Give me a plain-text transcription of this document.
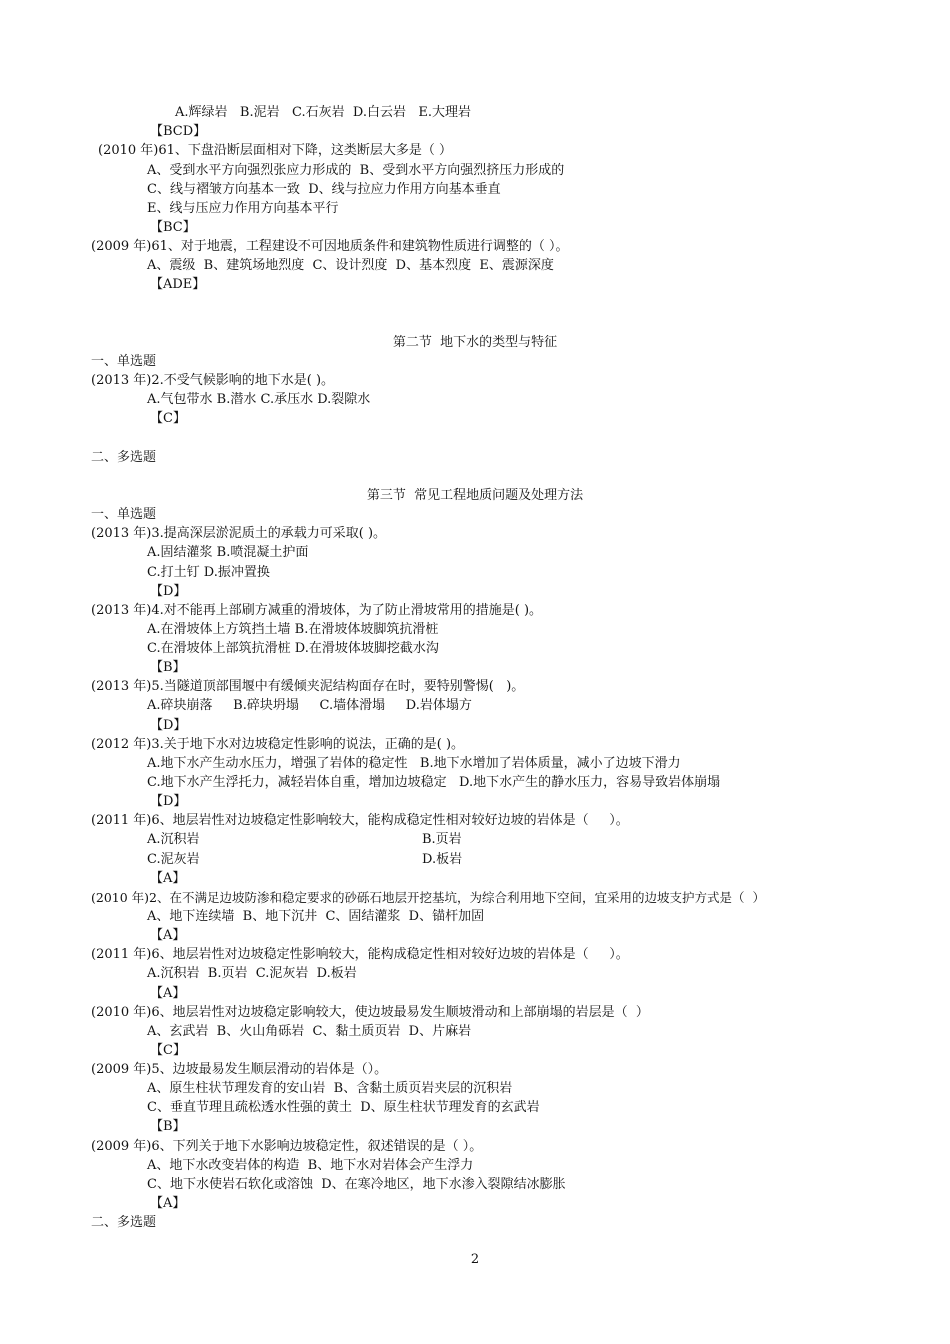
A.辉绿岩   B.泥岩   C.石灰岩  D.白云岩   E.大理岩
【BCD】
(2010 年)61、下盘沿断层面相对下降，这类断层大多是（ ）
A、受到水平方向强烈张应力形成的  B、受到水平方向强烈挤压力形成的
C、线与褶皱方向基本一致  D、线与拉应力作用方向基本垂直
E、线与压应力作用方向基本平行
【BC】
(2009 年)61、对于地震，工程建设不可因地质条件和建筑物性质进行调整的（ ）。
A、震级  B、建筑场地烈度  C、设计烈度  D、基本烈度  E、震源深度
【ADE】
第二节  地下水的类型与特征
一、单选题
(2013 年)2.不受气候影响的地下水是( )。
A.气包带水 B.潜水 C.承压水 D.裂隙水
【C】
二、多选题
第三节  常见工程地质问题及处理方法
一、单选题
(2013 年)3.提高深层淤泥质土的承载力可采取( )。
A.固结灌浆 B.喷混凝土护面
C.打土钉 D.振冲置换
【D】
(2013 年)4.对不能再上部刷方减重的滑坡体，为了防止滑坡常用的措施是( )。
A.在滑坡体上方筑挡土墙 B.在滑坡体坡脚筑抗滑桩
C.在滑坡体上部筑抗滑桩 D.在滑坡体坡脚挖截水沟
【B】
(2013 年)5.当隧道顶部围堰中有缓倾夹泥结构面存在时，要特别警惕(   )。
A.碎块崩落     B.碎块坍塌     C.墙体滑塌     D.岩体塌方
【D】
(2012 年)3.关于地下水对边坡稳定性影响的说法，正确的是( )。
A.地下水产生动水压力，增强了岩体的稳定性   B.地下水增加了岩体质量，减小了边坡下滑力
C.地下水产生浮托力，减轻岩体自重，增加边坡稳定   D.地下水产生的静水压力，容易导致岩体崩塌
【D】
(2011 年)6、地层岩性对边坡稳定性影响较大，能构成稳定性相对较好边坡的岩体是（     ）。
A.沉积岩	B.页岩
C.泥灰岩	D.板岩
【A】
(2010 年)2、在不满足边坡防渗和稳定要求的砂砾石地层开挖基坑，为综合利用地下空间，宜采用的边坡支护方式是（  ）
A、地下连续墙  B、地下沉井  C、固结灌浆  D、锚杆加固
【A】
(2011 年)6、地层岩性对边坡稳定性影响较大，能构成稳定性相对较好边坡的岩体是（     ）。
A.沉积岩  B.页岩  C.泥灰岩  D.板岩
【A】
(2010 年)6、地层岩性对边坡稳定影响较大，使边坡最易发生顺坡滑动和上部崩塌的岩层是（  ）
A、玄武岩  B、火山角砾岩  C、黏土质页岩  D、片麻岩
【C】
(2009 年)5、边坡最易发生顺层滑动的岩体是（）。
A、原生柱状节理发育的安山岩  B、含黏土质页岩夹层的沉积岩
C、垂直节理且疏松透水性强的黄土  D、原生柱状节理发育的玄武岩
【B】
(2009 年)6、下列关于地下水影响边坡稳定性，叙述错误的是（ ）。
A、地下水改变岩体的构造  B、地下水对岩体会产生浮力
C、地下水使岩石软化或溶蚀  D、在寒冷地区，地下水渗入裂隙结冰膨胀
【A】
二、多选题
2
